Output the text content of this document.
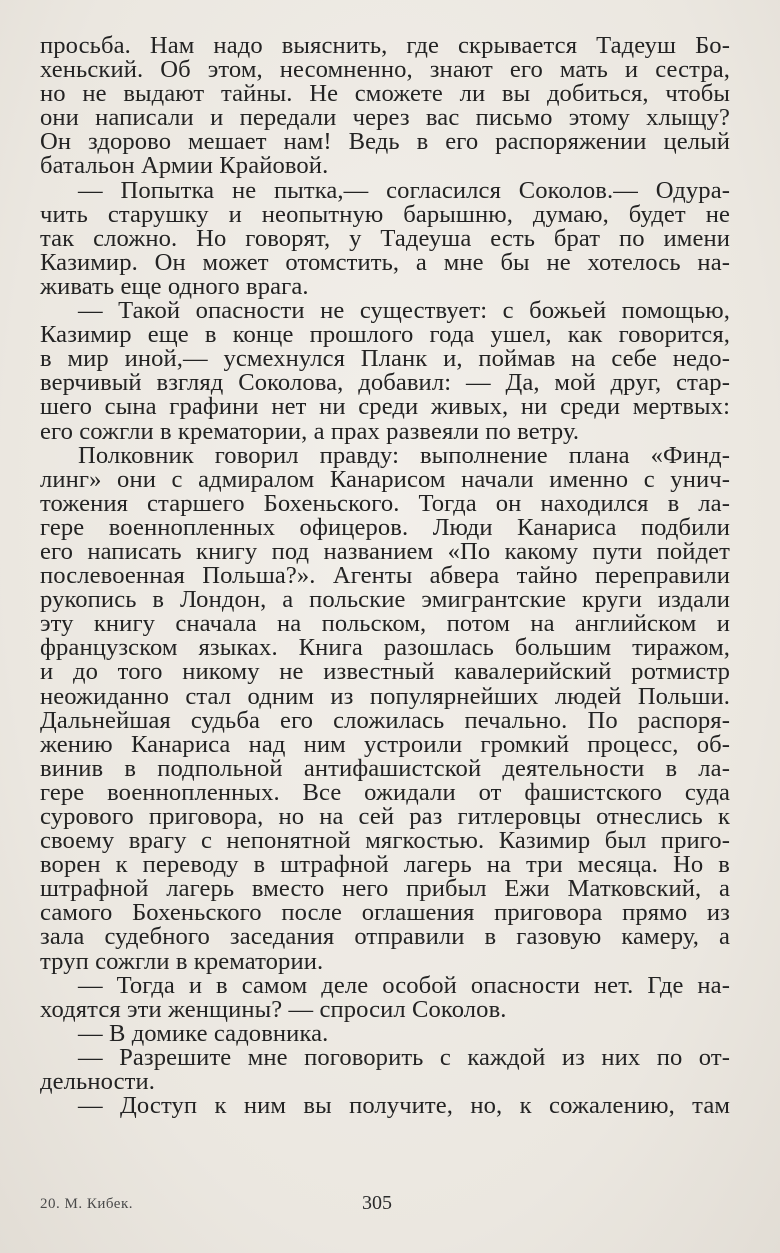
просьба. Нам надо выяснить, где скрывается Тадеуш Бо-
хеньский. Об этом, несомненно, знают его мать и сестра,
но не выдают тайны. Не сможете ли вы добиться, чтобы
они написали и передали через вас письмо этому хлыщу?
Он здорово мешает нам! Ведь в его распоряжении целый
батальон Армии Крайовой.
— Попытка не пытка,— согласился Соколов.— Одура-
чить старушку и неопытную барышню, думаю, будет не
так сложно. Но говорят, у Тадеуша есть брат по имени
Казимир. Он может отомстить, а мне бы не хотелось на-
живать еще одного врага.
— Такой опасности не существует: с божьей помощью,
Казимир еще в конце прошлого года ушел, как говорится,
в мир иной,— усмехнулся Планк и, поймав на себе недо-
верчивый взгляд Соколова, добавил: — Да, мой друг, стар-
шего сына графини нет ни среди живых, ни среди мертвых:
его сожгли в крематории, а прах развеяли по ветру.
Полковник говорил правду: выполнение плана «Финд-
линг» они с адмиралом Канарисом начали именно с унич-
тожения старшего Бохеньского. Тогда он находился в ла-
гере военнопленных офицеров. Люди Канариса подбили
его написать книгу под названием «По какому пути пойдет
послевоенная Польша?». Агенты абвера тайно переправили
рукопись в Лондон, а польские эмигрантские круги издали
эту книгу сначала на польском, потом на английском и
французском языках. Книга разошлась большим тиражом,
и до того никому не известный кавалерийский ротмистр
неожиданно стал одним из популярнейших людей Польши.
Дальнейшая судьба его сложилась печально. По распоря-
жению Канариса над ним устроили громкий процесс, об-
винив в подпольной антифашистской деятельности в ла-
гере военнопленных. Все ожидали от фашистского суда
сурового приговора, но на сей раз гитлеровцы отнеслись к
своему врагу с непонятной мягкостью. Казимир был приго-
ворен к переводу в штрафной лагерь на три месяца. Но в
штрафной лагерь вместо него прибыл Ежи Матковский, а
самого Бохеньского после оглашения приговора прямо из
зала судебного заседания отправили в газовую камеру, а
труп сожгли в крематории.
— Тогда и в самом деле особой опасности нет. Где на-
ходятся эти женщины? — спросил Соколов.
— В домике садовника.
— Разрешите мне поговорить с каждой из них по от-
дельности.
— Доступ к ним вы получите, но, к сожалению, там
20. М. Кибек.	305
